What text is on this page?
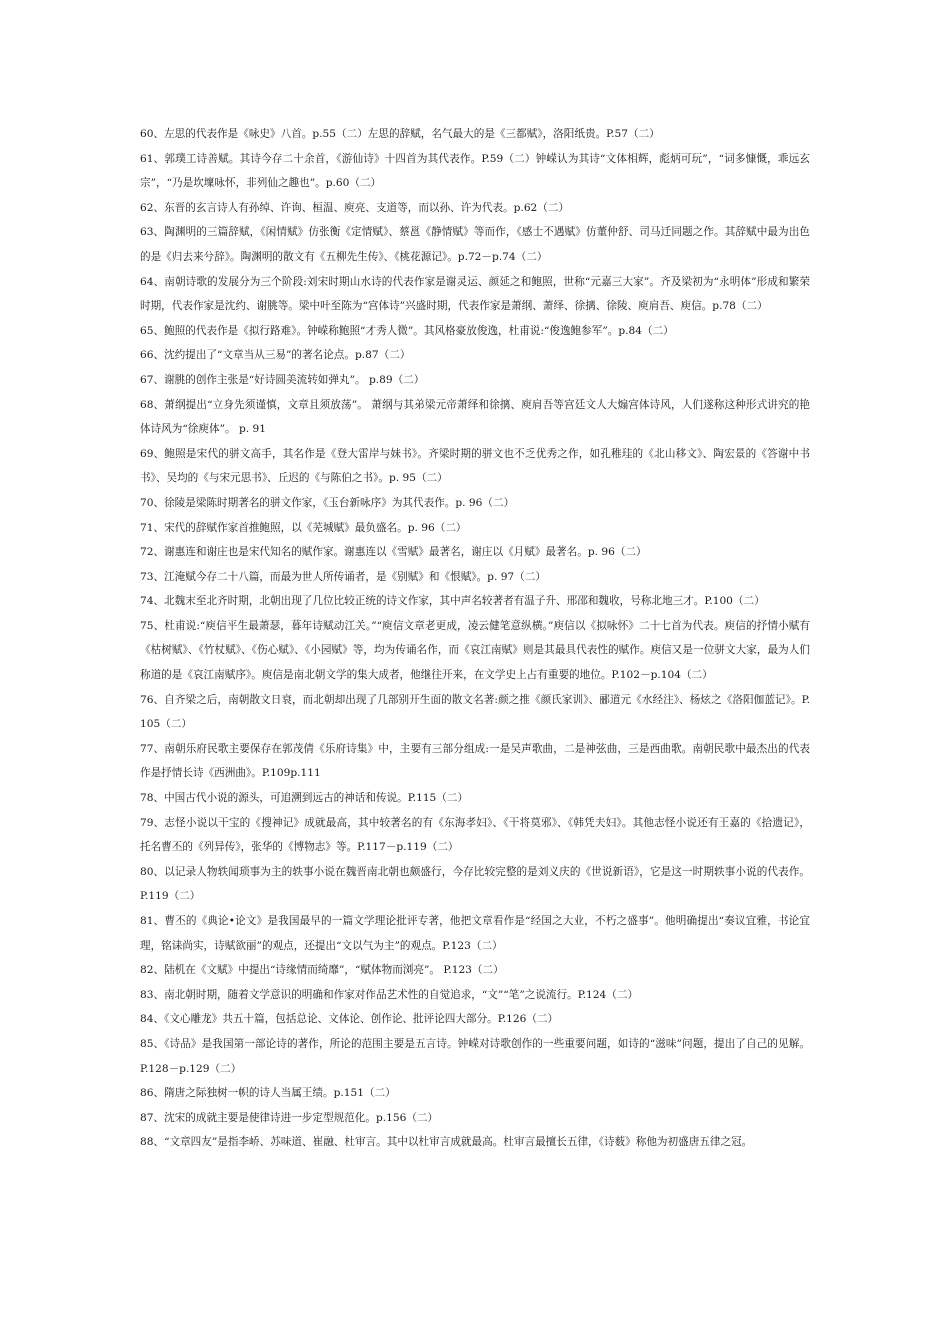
60、左思的代表作是《咏史》八首。p.55（二）左思的辞赋，名气最大的是《三都赋》，洛阳纸贵。P.57（二）

61、郭璞工诗善赋。其诗今存二十余首，《游仙诗》十四首为其代表作。P.59（二）钟嵘认为其诗“文体相辉，彪炳可玩”，“词多慷慨，乖远玄宗”，“乃是坎壈咏怀，非列仙之趣也”。p.60（二）

62、东晋的玄言诗人有孙绰、许询、桓温、庾亮、支道等，而以孙、许为代表。p.62（二）

63、陶渊明的三篇辞赋，《闲情赋》仿张衡《定情赋》、蔡邕《静情赋》等而作，《感士不遇赋》仿董仲舒、司马迁同题之作。其辞赋中最为出色的是《归去来兮辞》。陶渊明的散文有《五柳先生传》、《桃花源记》。p.72－p.74（二）

64、南朝诗歌的发展分为三个阶段:刘宋时期山水诗的代表作家是谢灵运、颜延之和鲍照，世称“元嘉三大家”。齐及梁初为“永明体”形成和繁荣时期，代表作家是沈约、谢朓等。梁中叶至陈为“宫体诗”兴盛时期，代表作家是萧纲、萧绎、徐摛、徐陵、庾肩吾、庾信。p.78（二）

65、鲍照的代表作是《拟行路难》。钟嵘称鲍照“才秀人微”。其风格豪放俊逸，杜甫说:“俊逸鲍参军”。p.84（二）

66、沈约提出了“文章当从三易”的著名论点。p.87（二）

67、谢朓的创作主张是“好诗圆美流转如弹丸”。 p.89（二）

68、萧纲提出“立身先须谨慎，文章且须放荡”。 萧纲与其弟梁元帝萧绎和徐摛、庾肩吾等宫廷文人大煽宫体诗风，人们遂称这种形式讲究的艳体诗风为“徐庾体”。 p. 91

69、鲍照是宋代的骈文高手，其名作是《登大雷岸与妹书》。齐梁时期的骈文也不乏优秀之作，如孔稚珪的《北山移文》、陶宏景的《答谢中书书》、吴均的《与宋元思书》、丘迟的《与陈伯之书》。p. 95（二）

70、徐陵是梁陈时期著名的骈文作家，《玉台新咏序》为其代表作。p. 96（二）

71、宋代的辞赋作家首推鲍照，以《芜城赋》最负盛名。p. 96（二）

72、谢惠连和谢庄也是宋代知名的赋作家。谢惠连以《雪赋》最著名，谢庄以《月赋》最著名。p. 96（二）

73、江淹赋今存二十八篇，而最为世人所传诵者，是《别赋》和《恨赋》。p. 97（二）

74、北魏末至北齐时期，北朝出现了几位比较正统的诗文作家，其中声名较著者有温子升、邢邵和魏收，号称北地三才。P.100（二）

75、杜甫说:“庾信平生最萧瑟，暮年诗赋动江关。”“庾信文章老更成，凌云健笔意纵横。”庾信以《拟咏怀》二十七首为代表。庾信的抒情小赋有《枯树赋》、《竹杖赋》、《伤心赋》、《小园赋》等，均为传诵名作，而《哀江南赋》则是其最具代表性的赋作。庾信又是一位骈文大家，最为人们称道的是《哀江南赋序》。庾信是南北朝文学的集大成者，他继往开来，在文学史上占有重要的地位。P.102－p.104（二）

76、自齐梁之后，南朝散文日衰，而北朝却出现了几部别开生面的散文名著:颜之推《颜氏家训》、郦道元《水经注》、杨炫之《洛阳伽蓝记》。P.105（二）

77、南朝乐府民歌主要保存在郭茂倩《乐府诗集》中，主要有三部分组成:一是吴声歌曲，二是神弦曲，三是西曲歌。南朝民歌中最杰出的代表作是抒情长诗《西洲曲》。P.109p.111

78、中国古代小说的源头，可追溯到远古的神话和传说。P.115（二）

79、志怪小说以干宝的《搜神记》成就最高，其中较著名的有《东海孝妇》、《干将莫邪》、《韩凭夫妇》。其他志怪小说还有王嘉的《拾遗记》，托名曹丕的《列异传》，张华的《博物志》等。P.117－p.119（二）

80、以记录人物轶闻琐事为主的轶事小说在魏晋南北朝也颇盛行，今存比较完整的是刘义庆的《世说新语》，它是这一时期轶事小说的代表作。P.119（二）

81、曹丕的《典论•论文》是我国最早的一篇文学理论批评专著，他把文章看作是“经国之大业，不朽之盛事”。他明确提出“奏议宜雅，书论宜理，铭诔尚实，诗赋欲丽”的观点，还提出“文以气为主”的观点。P.123（二）

82、陆机在《文赋》中提出“诗缘情而绮靡”，“赋体物而浏亮”。 P.123（二）

83、南北朝时期，随着文学意识的明确和作家对作品艺术性的自觉追求，“文”“笔”之说流行。P.124（二）

84、《文心雕龙》共五十篇，包括总论、文体论、创作论、批评论四大部分。P.126（二）

85、《诗品》是我国第一部论诗的著作，所论的范围主要是五言诗。钟嵘对诗歌创作的一些重要问题，如诗的“滋味”问题，提出了自己的见解。P.128－p.129（二）

86、隋唐之际独树一帜的诗人当属王绩。p.151（二）

87、沈宋的成就主要是使律诗进一步定型规范化。p.156（二）

88、“文章四友”是指李峤、苏味道、崔融、杜审言。其中以杜审言成就最高。杜审言最擅长五律，《诗薮》称他为初盛唐五律之冠。
